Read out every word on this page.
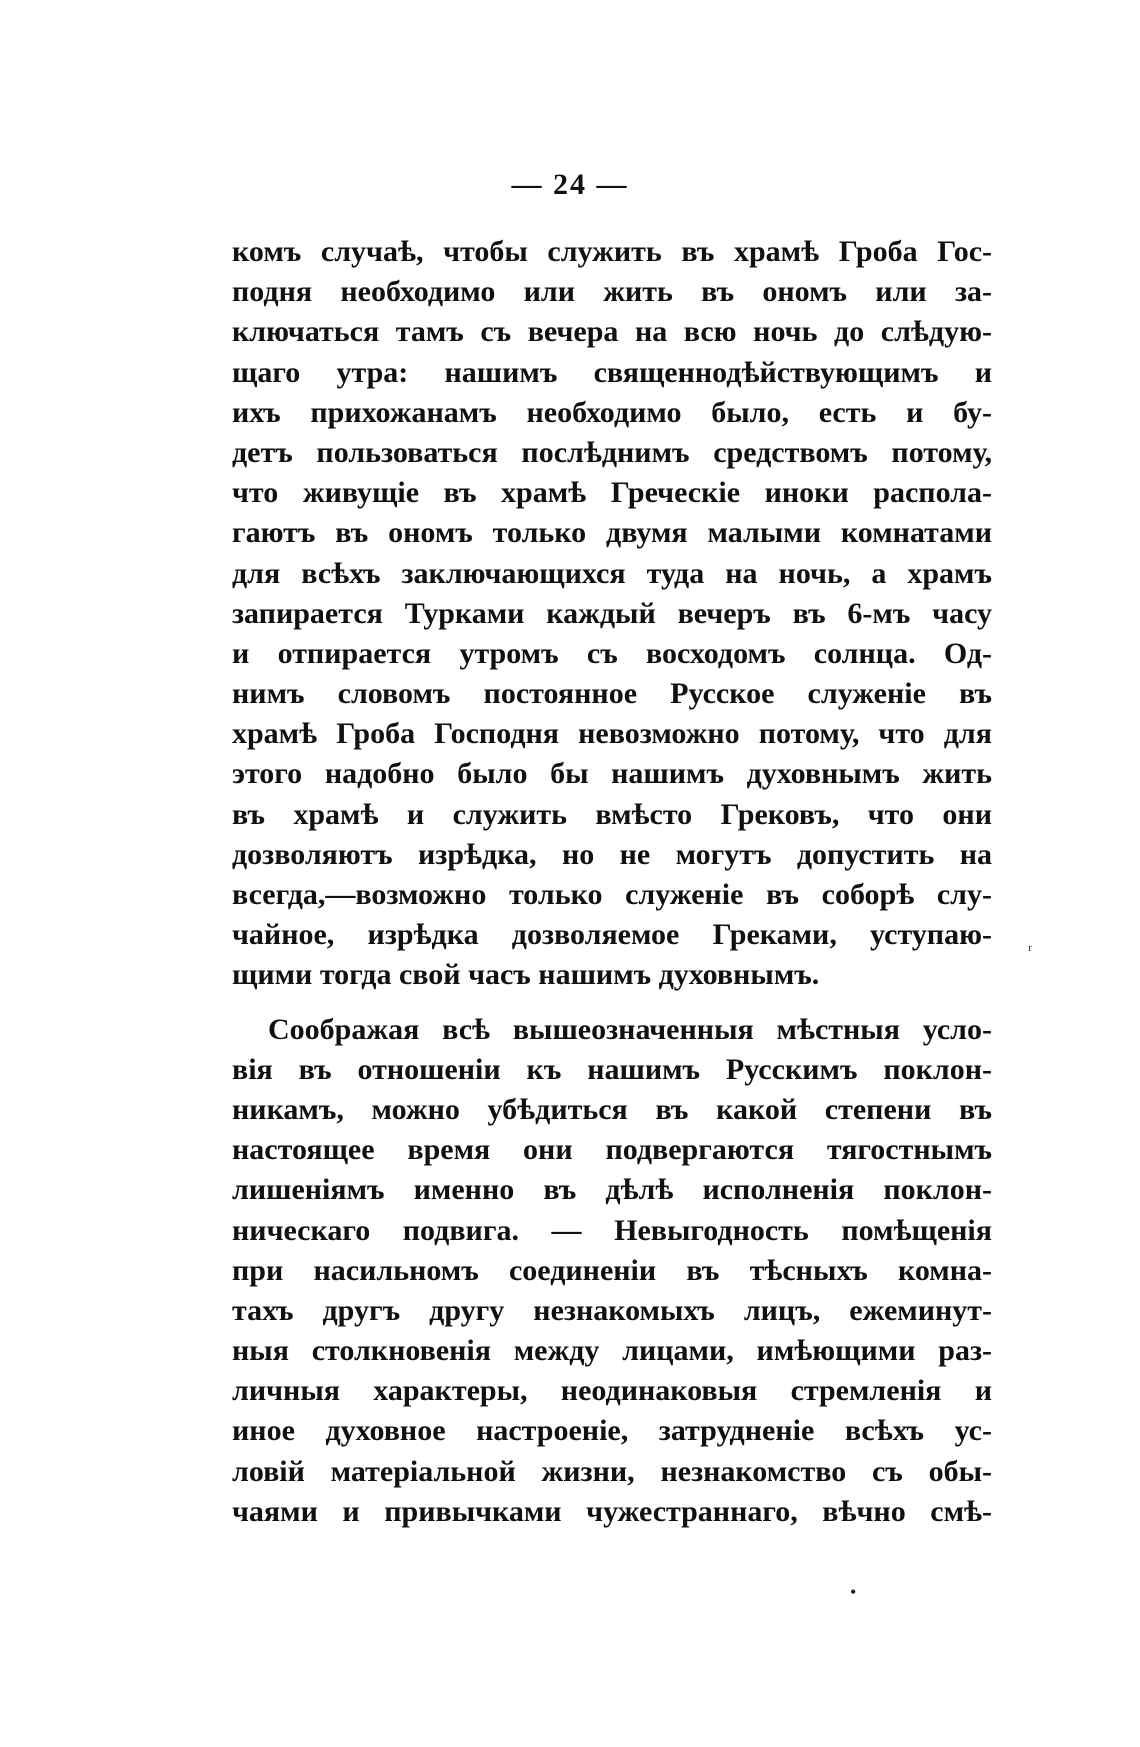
— 24 —
комъ случаѣ, чтобы служить въ храмѣ Гроба Гос-
подня необходимо или жить въ ономъ или за-
ключаться тамъ съ вечера на всю ночь до слѣдую-
щаго утра: нашимъ священнодѣйствующимъ и
ихъ прихожанамъ необходимо было, есть и бу-
детъ пользоваться послѣднимъ средствомъ потому,
что живущіе въ храмѣ Греческіе иноки распола-
гаютъ въ ономъ только двумя малыми комнатами
для всѣхъ заключающихся туда на ночь, а храмъ
запирается Турками каждый вечеръ въ 6-мъ часу
и отпирается утромъ съ восходомъ солнца. Од-
нимъ словомъ постоянное Русское служеніе въ
храмѣ Гроба Господня невозможно потому, что для
этого надобно было бы нашимъ духовнымъ жить
въ храмѣ и служить вмѣсто Грековъ, что они
дозволяютъ изрѣдка, но не могутъ допустить на
всегда,—возможно только служеніе въ соборѣ слу-
чайное, изрѣдка дозволяемое Греками, уступаю-
щими тогда свой часъ нашимъ духовнымъ.
Соображая всѣ вышеозначенныя мѣстныя усло-
вія въ отношеніи къ нашимъ Русскимъ поклон-
никамъ, можно убѣдиться въ какой степени въ
настоящее время они подвергаются тягостнымъ
лишеніямъ именно въ дѣлѣ исполненія поклон-
ническаго подвига. — Невыгодность помѣщенія
при насильномъ соединеніи въ тѣсныхъ комна-
тахъ другъ другу незнакомыхъ лицъ, ежеминут-
ныя столкновенія между лицами, имѣющими раз-
личныя характеры, неодинаковыя стремленія и
иное духовное настроеніе, затрудненіе всѣхъ ус-
ловій матеріальной жизни, незнакомство съ обы-
чаями и привычками чужестраннаго, вѣчно смѣ-
ʳ
•
